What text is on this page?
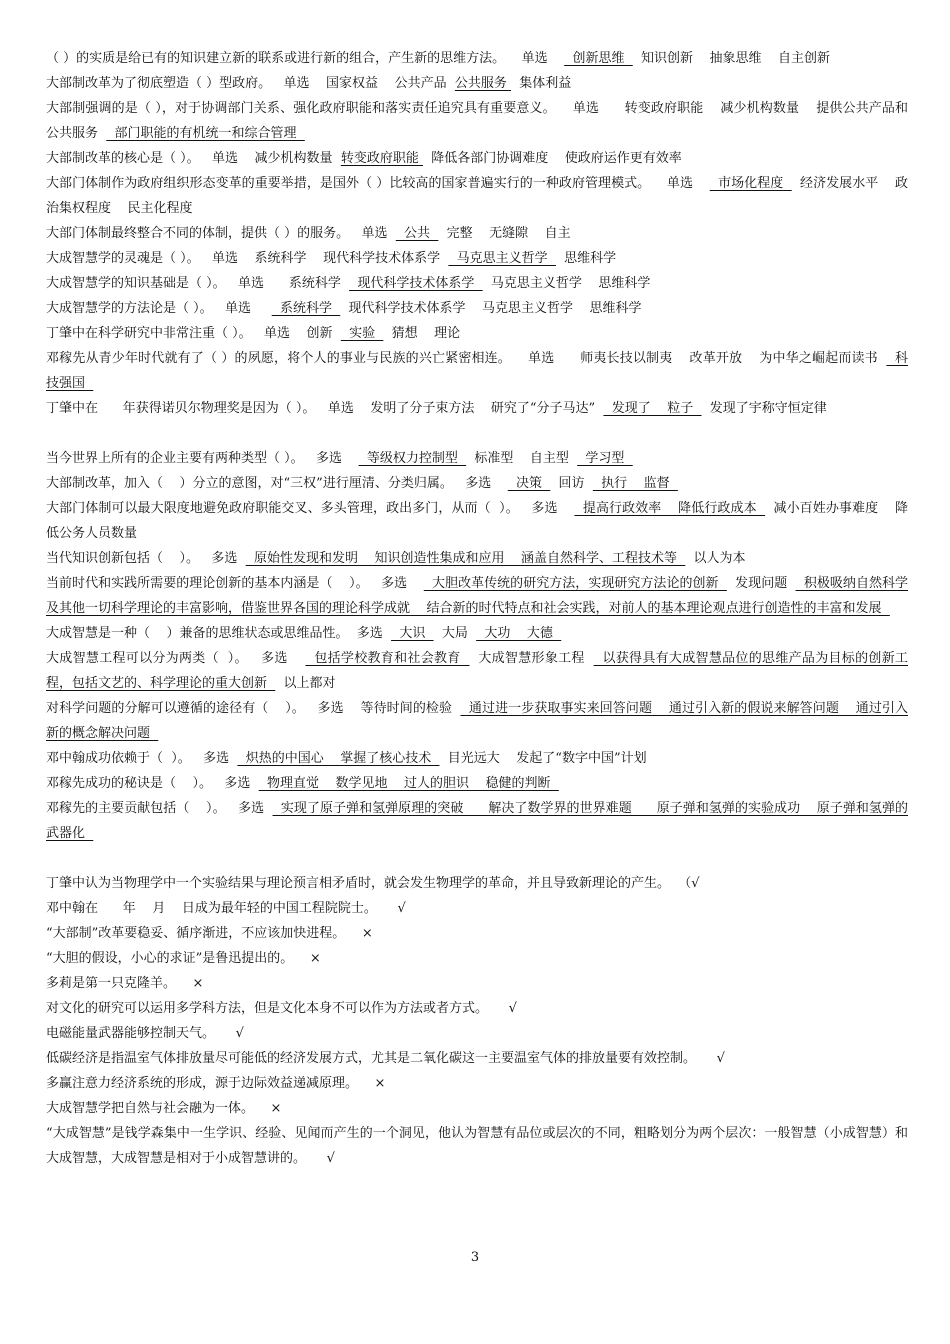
（ ）的实质是给已有的知识建立新的联系或进行新的组合，产生新的思维方法。    单选      创新思维    知识创新    抽象思维    自主创新

大部制改革为了彻底塑造（ ）型政府。   单选    国家权益    公共产品  公共服务   集体利益

大部制强调的是（ ），对于协调部门关系、强化政府职能和落实责任追究具有重要意义。    单选      转变政府职能    减少机构数量    提供公共产品和公共服务    部门职能的有机统一和综合管理

大部制改革的核心是（ ）。   单选    减少机构数量  转变政府职能   降低各部门协调难度    使政府运作更有效率

大部门体制作为政府组织形态变革的重要举措，是国外（ ）比较高的国家普遍实行的一种政府管理模式。    单选      市场化程度    经济发展水平    政治集权程度    民主化程度

大部门体制最终整合不同的体制，提供（ ）的服务。   单选    公共    完整    无缝隙    自主

大成智慧学的灵魂是（ ）。   单选    系统科学    现代科学技术体系学    马克思主义哲学    思维科学

大成智慧学的知识基础是（ ）。   单选      系统科学    现代科学技术体系学    马克思主义哲学    思维科学

大成智慧学的方法论是（ ）。   单选       系统科学    现代科学技术体系学    马克思主义哲学    思维科学

丁肇中在科学研究中非常注重（ ）。   单选    创新    实验    猜想    理论

邓稼先从青少年时代就有了（ ）的夙愿，将个人的事业与民族的兴亡紧密相连。    单选      师夷长技以制夷    改革开放    为中华之崛起而读书    科技强国

丁肇中在      年获得诺贝尔物理奖是因为（ ）。   单选    发明了分子束方法    研究了“分子马达”    发现了    粒子    发现了宇称守恒定律

当今世界上所有的企业主要有两种类型（ ）。   多选      等级权力控制型    标准型    自主型    学习型

大部制改革，加入（    ）分立的意图，对“三权”进行厘清、分类归属。   多选      决策    回访    执行    监督

大部门体制可以最大限度地避免政府职能交叉、多头管理，政出多门，从而（  ）。   多选      提高行政效率    降低行政成本    减小百姓办事难度    降低公务人员数量

当代知识创新包括（    ）。   多选    原始性发现和发明    知识创造性集成和应用    涵盖自然科学、工程技术等    以人为本

当前时代和实践所需要的理论创新的基本内涵是（    ）。   多选      大胆改革传统的研究方法，实现研究方法论的创新    发现问题    积极吸纳自然科学及其他一切科学理论的丰富影响，借鉴世界各国的理论科学成就    结合新的时代特点和社会实践，对前人的基本理论观点进行创造性的丰富和发展

大成智慧是一种（    ）兼备的思维状态或思维品性。  多选    大识    大局    大功    大德

大成智慧工程可以分为两类（  ）。   多选      包括学校教育和社会教育    大成智慧形象工程    以获得具有大成智慧品位的思维产品为目标的创新工程，包括文艺的、科学理论的重大创新    以上都对

对科学问题的分解可以遵循的途径有（    ）。   多选    等待时间的检验    通过进一步获取事实来回答问题    通过引入新的假说来解答问题    通过引入新的概念解决问题

邓中翰成功依赖于（  ）。   多选    炽热的中国心    掌握了核心技术    目光远大    发起了“数字中国”计划

邓稼先成功的秘诀是（    ）。   多选    物理直觉    数学见地    过人的胆识    稳健的判断

邓稼先的主要贡献包括（    ）。   多选    实现了原子弹和氢弹原理的突破      解决了数学界的世界难题      原子弹和氢弹的实验成功    原子弹和氢弹的武器化

丁肇中认为当物理学中一个实验结果与理论预言相矛盾时，就会发生物理学的革命，并且导致新理论的产生。  （√

邓中翰在      年    月    日成为最年轻的中国工程院院士。     √

“大部制”改革要稳妥、循序渐进，不应该加快进程。    ×

“大胆的假设，小心的求证”是鲁迅提出的。    ×

多莉是第一只克隆羊。    ×

对文化的研究可以运用多学科方法，但是文化本身不可以作为方法或者方式。     √

电磁能量武器能够控制天气。     √

低碳经济是指温室气体排放量尽可能低的经济发展方式，尤其是二氧化碳这一主要温室气体的排放量要有效控制。     √

多赢注意力经济系统的形成，源于边际效益递减原理。    ×

大成智慧学把自然与社会融为一体。    ×

“大成智慧”是钱学森集中一生学识、经验、见闻而产生的一个洞见，他认为智慧有品位或层次的不同，粗略划分为两个层次：一般智慧（小成智慧）和大成智慧，大成智慧是相对于小成智慧讲的。     √

3
